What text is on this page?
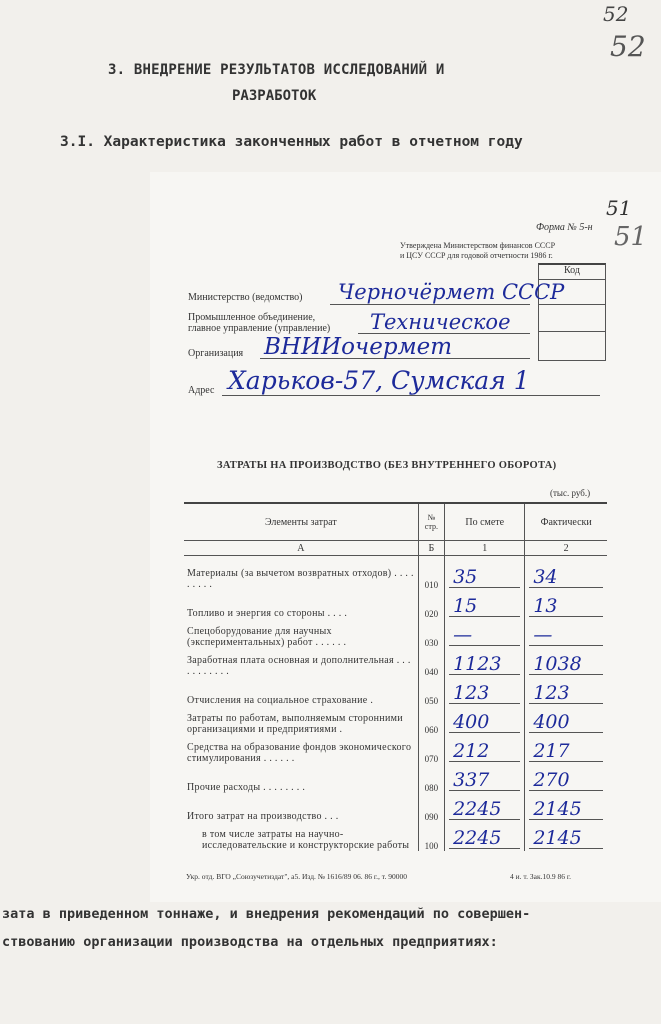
52
52
3. ВНЕДРЕНИЕ РЕЗУЛЬТАТОВ ИССЛЕДОВАНИЙ И
РАЗРАБОТОК
3.I. Характеристика законченных работ в отчетном году
51
51
Форма № 5-н
Утверждена Министерством финансов СССР
и ЦСУ СССР для годовой отчетности 1986 г.
Код
Министерство (ведомство) Черночёрмет СССР
Промышленное объединение,
главное управление (управление) Техническое
Организация ВНИИочермет
Адрес Харьков-57, Сумская 1
ЗАТРАТЫ НА ПРОИЗВОДСТВО (БЕЗ ВНУТРЕННЕГО ОБОРОТА)
(тыс. руб.)
Элементы затрат	№ стр.	По смете	Фактически
А	Б	1	2
Материалы (за вычетом возвратных отходов) . . . . . . . . .	010	35	34

Топливо и энергия со стороны . . . .	020	15	13

Спецоборудование для научных (экспериментальных) работ . . . . . .	030	—	—

Заработная плата основная и дополнительная . . . . . . . . . . .	040	1123	1038

Отчисления на социальное страхование .	050	123	123

Затраты по работам, выполняемым сторонними организациями и предприятиями .	060	400	400

Средства на образование фондов экономического стимулирования . . . . . .	070	212	217

Прочие расходы . . . . . . . .	080	337	270

Итого затрат на производство . . .	090	2245	2145

в том числе затраты на научно-исследовательские и конструкторские работы	100	2245	2145
Укр. отд. ВГО „Союзучетиздат", а5. Изд. № 1616/89 06. 86 г., т. 90000	4 и. т. Зак.10.9 86 г.
зата в приведенном тоннаже, и внедрения рекомендаций по совершен-
ствованию организации производства на отдельных предприятиях:
